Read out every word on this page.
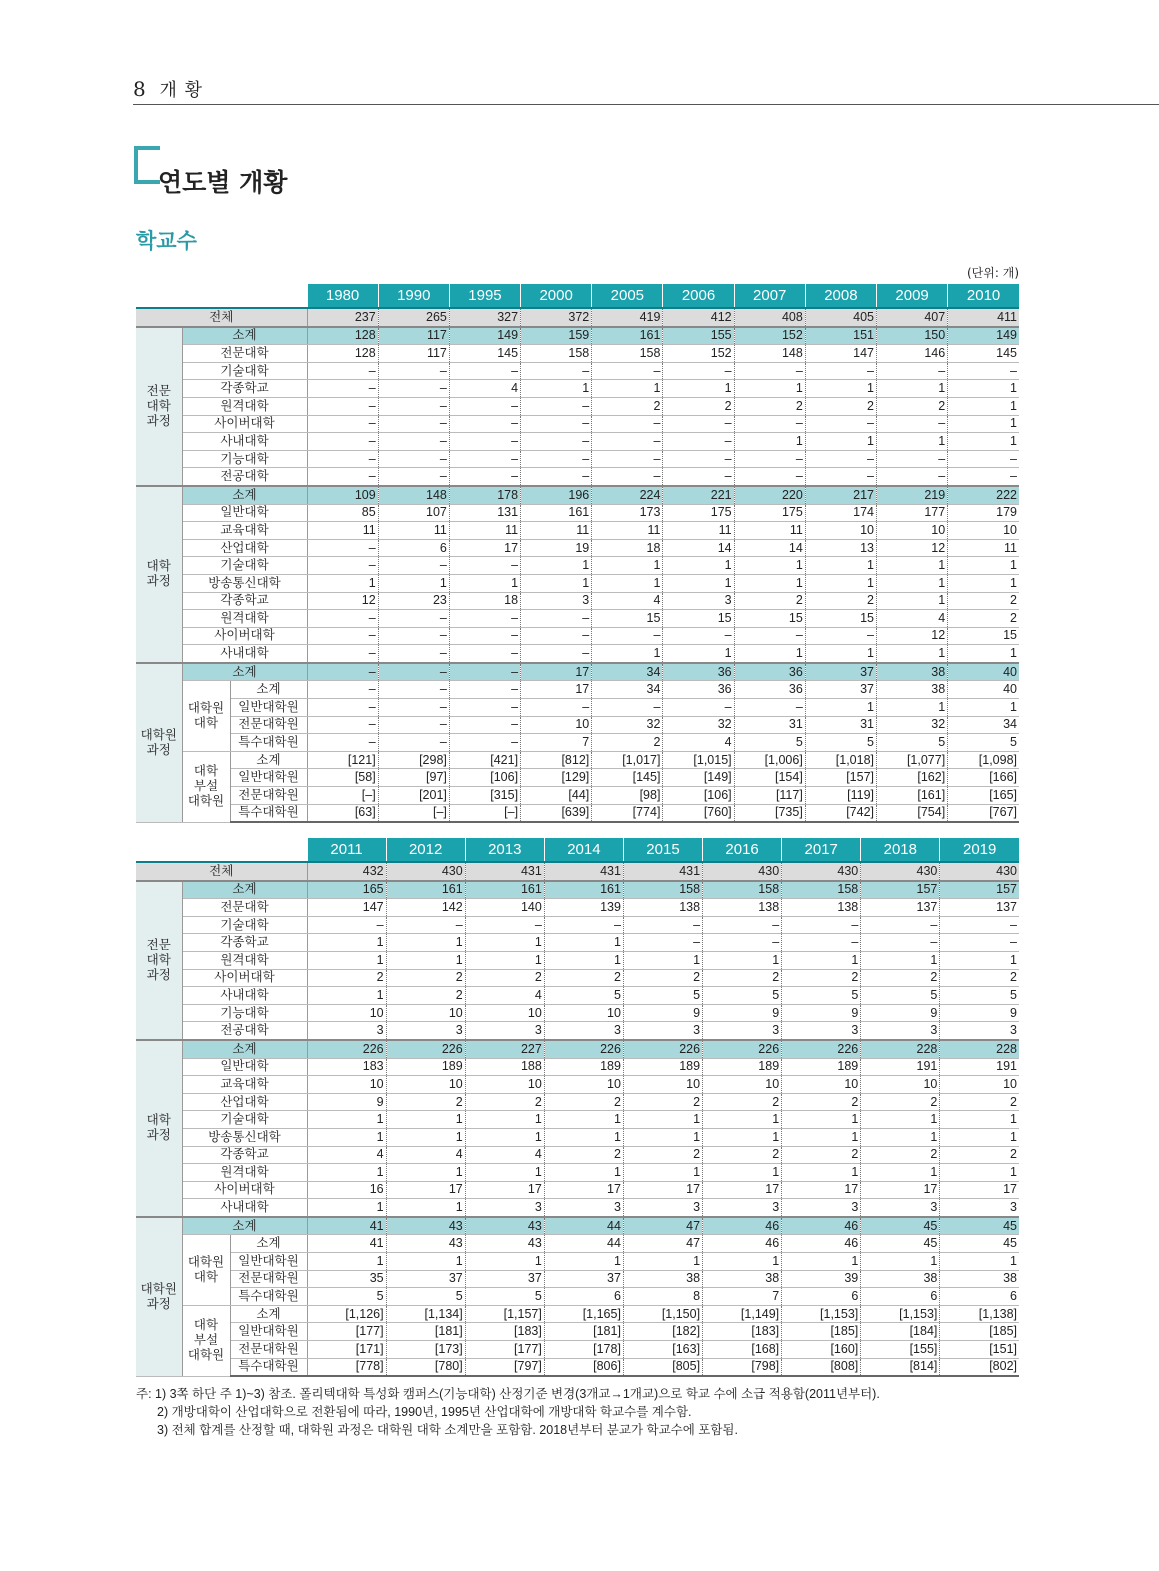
8 개 황
연도별 개황
학교수
(단위: 개)
			1980	1990	1995	2000	2005	2006	2007	2008	2009	2010
전체			237	265	327	372	419	412	408	405	407	411
전문
대학
과정	소계		128	117	149	159	161	155	152	151	150	149
	전문대학		128	117	145	158	158	152	148	147	146	145
	기술대학		–	–	–	–	–	–	–	–	–	–
	각종학교		–	–	4	1	1	1	1	1	1	1
	원격대학		–	–	–	–	2	2	2	2	2	1
	사이버대학		–	–	–	–	–	–	–	–	–	1
	사내대학		–	–	–	–	–	–	1	1	1	1
	기능대학		–	–	–	–	–	–	–	–	–	–
	전공대학		–	–	–	–	–	–	–	–	–	–
대학
과정	소계		109	148	178	196	224	221	220	217	219	222
	일반대학		85	107	131	161	173	175	175	174	177	179
	교육대학		11	11	11	11	11	11	11	10	10	10
	산업대학		–	6	17	19	18	14	14	13	12	11
	기술대학		–	–	–	1	1	1	1	1	1	1
	방송통신대학		1	1	1	1	1	1	1	1	1	1
	각종학교		12	23	18	3	4	3	2	2	1	2
	원격대학		–	–	–	–	15	15	15	15	4	2
	사이버대학		–	–	–	–	–	–	–	–	12	15
	사내대학		–	–	–	–	1	1	1	1	1	1
대학원
과정	소계		–	–	–	17	34	36	36	37	38	40
	대학원
대학	소계	–	–	–	17	34	36	36	37	38	40
		일반대학원	–	–	–	–	–	–	–	1	1	1
		전문대학원	–	–	–	10	32	32	31	31	32	34
		특수대학원	–	–	–	7	2	4	5	5	5	5
	대학
부설
대학원	소계	[121]	[298]	[421]	[812]	[1,017]	[1,015]	[1,006]	[1,018]	[1,077]	[1,098]
		일반대학원	[58]	[97]	[106]	[129]	[145]	[149]	[154]	[157]	[162]	[166]
		전문대학원	[–]	[201]	[315]	[44]	[98]	[106]	[117]	[119]	[161]	[165]
		특수대학원	[63]	[–]	[–]	[639]	[774]	[760]	[735]	[742]	[754]	[767]
			2011	2012	2013	2014	2015	2016	2017	2018	2019
전체			432	430	431	431	431	430	430	430	430
전문
대학
과정	소계		165	161	161	161	158	158	158	157	157
	전문대학		147	142	140	139	138	138	138	137	137
	기술대학		–	–	–	–	–	–	–	–	–
	각종학교		1	1	1	1	–	–	–	–	–
	원격대학		1	1	1	1	1	1	1	1	1
	사이버대학		2	2	2	2	2	2	2	2	2
	사내대학		1	2	4	5	5	5	5	5	5
	기능대학		10	10	10	10	9	9	9	9	9
	전공대학		3	3	3	3	3	3	3	3	3
대학
과정	소계		226	226	227	226	226	226	226	228	228
	일반대학		183	189	188	189	189	189	189	191	191
	교육대학		10	10	10	10	10	10	10	10	10
	산업대학		9	2	2	2	2	2	2	2	2
	기술대학		1	1	1	1	1	1	1	1	1
	방송통신대학		1	1	1	1	1	1	1	1	1
	각종학교		4	4	4	2	2	2	2	2	2
	원격대학		1	1	1	1	1	1	1	1	1
	사이버대학		16	17	17	17	17	17	17	17	17
	사내대학		1	1	3	3	3	3	3	3	3
대학원
과정	소계		41	43	43	44	47	46	46	45	45
	대학원
대학	소계	41	43	43	44	47	46	46	45	45
		일반대학원	1	1	1	1	1	1	1	1	1
		전문대학원	35	37	37	37	38	38	39	38	38
		특수대학원	5	5	5	6	8	7	6	6	6
	대학
부설
대학원	소계	[1,126]	[1,134]	[1,157]	[1,165]	[1,150]	[1,149]	[1,153]	[1,153]	[1,138]
		일반대학원	[177]	[181]	[183]	[181]	[182]	[183]	[185]	[184]	[185]
		전문대학원	[171]	[173]	[177]	[178]	[163]	[168]	[160]	[155]	[151]
		특수대학원	[778]	[780]	[797]	[806]	[805]	[798]	[808]	[814]	[802]
주: 1) 3쪽 하단 주 1)~3) 참조. 폴리텍대학 특성화 캠퍼스(기능대학) 산정기준 변경(3개교→1개교)으로 학교 수에 소급 적용함(2011년부터).
2) 개방대학이 산업대학으로 전환됨에 따라, 1990년, 1995년 산업대학에 개방대학 학교수를 계수함.
3) 전체 합계를 산정할 때, 대학원 과정은 대학원 대학 소계만을 포함함. 2018년부터 분교가 학교수에 포함됨.
